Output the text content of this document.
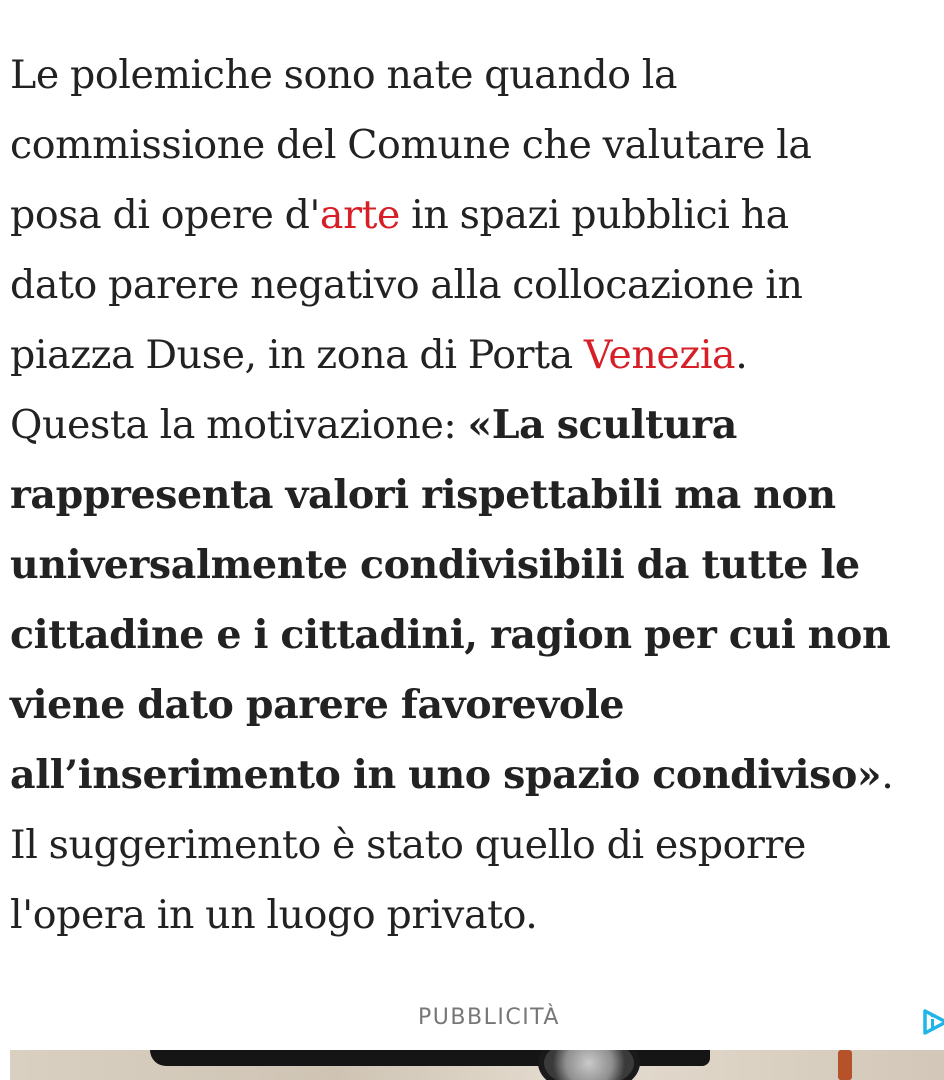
Le polemiche sono nate quando la
commissione del Comune che valutare la
posa di opere d'arte in spazi pubblici ha
dato parere negativo alla collocazione in
piazza Duse, in zona di Porta Venezia.
Questa la motivazione: «La scultura
rappresenta valori rispettabili ma non
universalmente condivisibili da tutte le
cittadine e i cittadini, ragion per cui non
viene dato parere favorevole
all’inserimento in uno spazio condiviso».
Il suggerimento è stato quello di esporre
l'opera in un luogo privato.
PUBBLICITÀ
